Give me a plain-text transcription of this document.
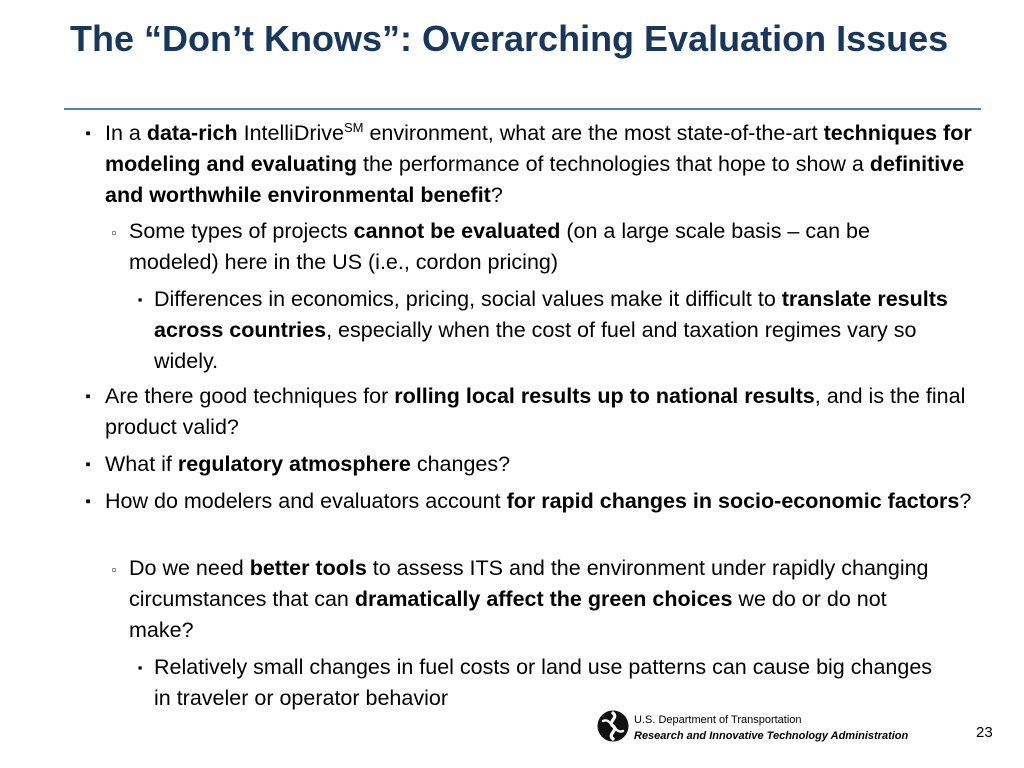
The “Don’t Knows”: Overarching Evaluation Issues
▪ In a data-rich IntelliDrive℠ environment, what are the most state-of-the-art techniques for modeling and evaluating the performance of technologies that hope to show a definitive and worthwhile environmental benefit?
▫ Some types of projects cannot be evaluated (on a large scale basis – can be modeled) here in the US (i.e., cordon pricing)
▪ Differences in economics, pricing, social values make it difficult to translate results across countries, especially when the cost of fuel and taxation regimes vary so widely.
▪ Are there good techniques for rolling local results up to national results, and is the final product valid?
▪ What if regulatory atmosphere changes?
▪ How do modelers and evaluators account for rapid changes in socio-economic factors?
▫ Do we need better tools to assess ITS and the environment under rapidly changing circumstances that can dramatically affect the green choices we do or do not make?
▪ Relatively small changes in fuel costs or land use patterns can cause big changes in traveler or operator behavior
U.S. Department of Transportation
Research and Innovative Technology Administration	23
